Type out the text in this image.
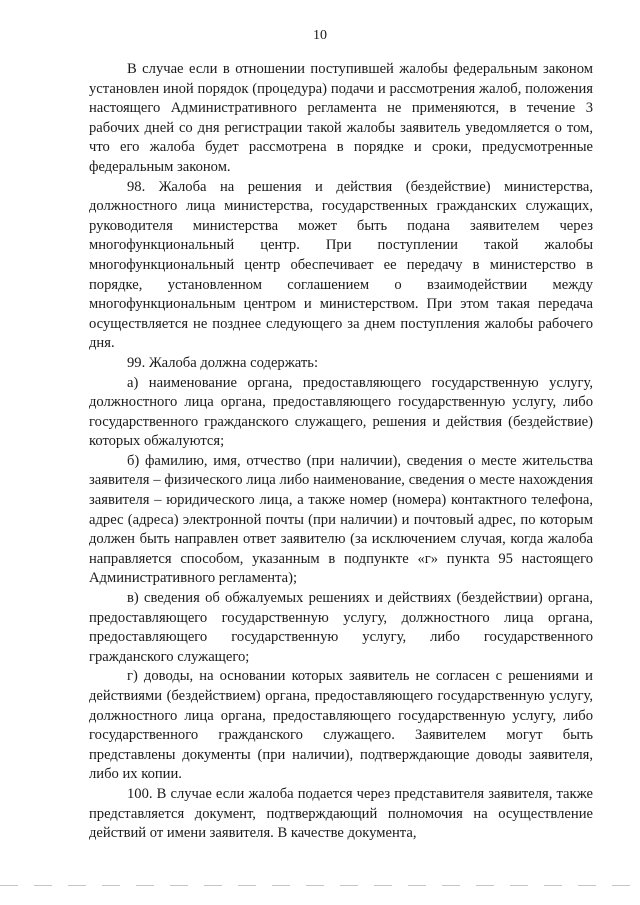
10

В случае если в отношении поступившей жалобы федеральным законом установлен иной порядок (процедура) подачи и рассмотрения жалоб, положения настоящего Административного регламента не применяются, в течение 3 рабочих дней со дня регистрации такой жалобы заявитель уведомляется о том, что его жалоба будет рассмотрена в порядке и сроки, предусмотренные федеральным законом.

98. Жалоба на решения и действия (бездействие) министерства, должностного лица министерства, государственных гражданских служащих, руководителя министерства может быть подана заявителем через многофункциональный центр. При поступлении такой жалобы многофункциональный центр обеспечивает ее передачу в министерство в порядке, установленном соглашением о взаимодействии между многофункциональным центром и министерством. При этом такая передача осуществляется не позднее следующего за днем поступления жалобы рабочего дня.

99. Жалоба должна содержать:

а) наименование органа, предоставляющего государственную услугу, должностного лица органа, предоставляющего государственную услугу, либо государственного гражданского служащего, решения и действия (бездействие) которых обжалуются;

б) фамилию, имя, отчество (при наличии), сведения о месте жительства заявителя – физического лица либо наименование, сведения о месте нахождения заявителя – юридического лица, а также номер (номера) контактного телефона, адрес (адреса) электронной почты (при наличии) и почтовый адрес, по которым должен быть направлен ответ заявителю (за исключением случая, когда жалоба направляется способом, указанным в подпункте «г» пункта 95 настоящего Административного регламента);

в) сведения об обжалуемых решениях и действиях (бездействии) органа, предоставляющего государственную услугу, должностного лица органа, предоставляющего государственную услугу, либо государственного гражданского служащего;

г) доводы, на основании которых заявитель не согласен с решениями и действиями (бездействием) органа, предоставляющего государственную услугу, должностного лица органа, предоставляющего государственную услугу, либо государственного гражданского служащего. Заявителем могут быть представлены документы (при наличии), подтверждающие доводы заявителя, либо их копии.

100. В случае если жалоба подается через представителя заявителя, также представляется документ, подтверждающий полномочия на осуществление действий от имени заявителя. В качестве документа,
